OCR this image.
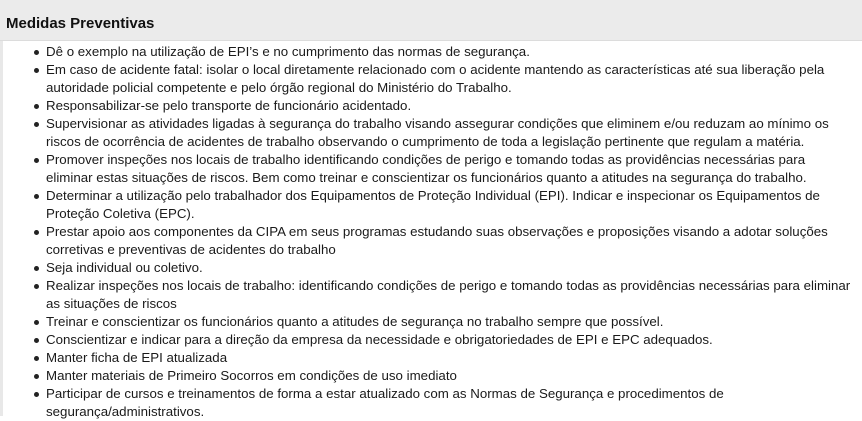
Medidas Preventivas
Dê o exemplo na utilização de EPI’s e no cumprimento das normas de segurança.
Em caso de acidente fatal: isolar o local diretamente relacionado com o acidente mantendo as características até sua liberação pela autoridade policial competente e pelo órgão regional do Ministério do Trabalho.
Responsabilizar-se pelo transporte de funcionário acidentado.
Supervisionar as atividades ligadas à segurança do trabalho visando assegurar condições que eliminem e/ou reduzam ao mínimo os riscos de ocorrência de acidentes de trabalho observando o cumprimento de toda a legislação pertinente que regulam a matéria.
Promover inspeções nos locais de trabalho identificando condições de perigo e tomando todas as providências necessárias para eliminar estas situações de riscos. Bem como treinar e conscientizar os funcionários quanto a atitudes na segurança do trabalho.
Determinar a utilização pelo trabalhador dos Equipamentos de Proteção Individual (EPI). Indicar e inspecionar os Equipamentos de Proteção Coletiva (EPC).
Prestar apoio aos componentes da CIPA em seus programas estudando suas observações e proposições visando a adotar soluções corretivas e preventivas de acidentes do trabalho
Seja individual ou coletivo.
Realizar inspeções nos locais de trabalho: identificando condições de perigo e tomando todas as providências necessárias para eliminar as situações de riscos
Treinar e conscientizar os funcionários quanto a atitudes de segurança no trabalho sempre que possível.
Conscientizar e indicar para a direção da empresa da necessidade e obrigatoriedades de EPI e EPC adequados.
Manter ficha de EPI atualizada
Manter materiais de Primeiro Socorros em condições de uso imediato
Participar de cursos e treinamentos de forma a estar atualizado com as Normas de Segurança e procedimentos de segurança/administrativos.
